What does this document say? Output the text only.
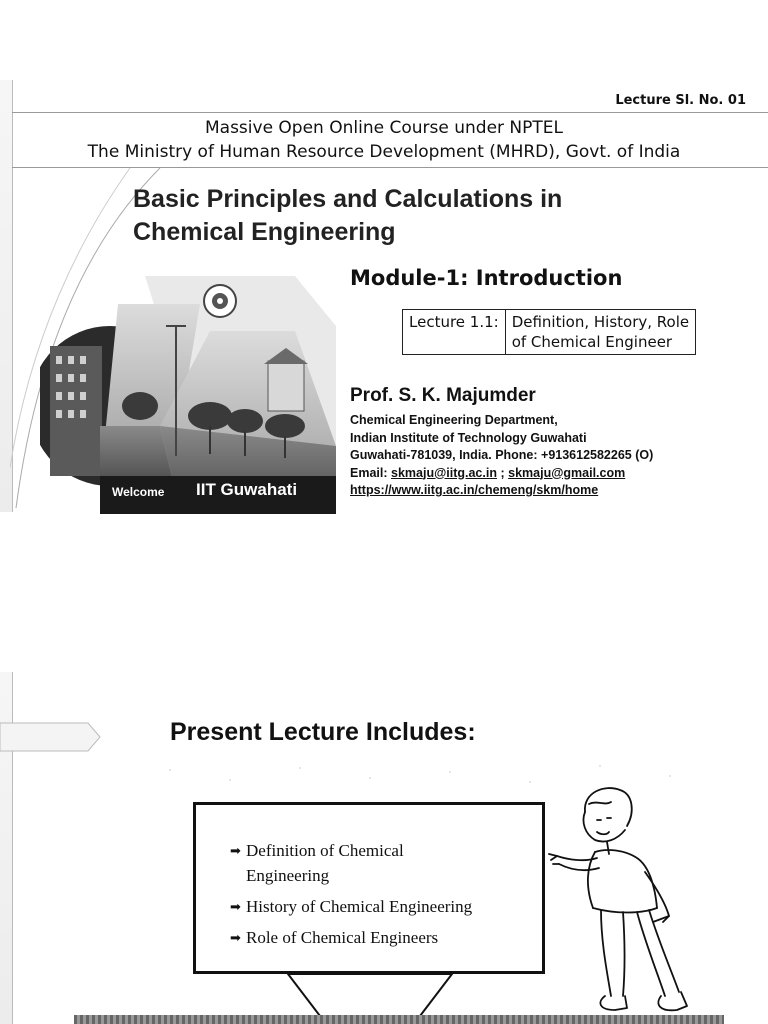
Lecture Sl. No. 01
Massive Open Online Course under NPTEL
The Ministry of Human Resource Development (MHRD), Govt. of India
Basic Principles and Calculations in
Chemical Engineering
Welcome IIT Guwahati
Module-1: Introduction
Lecture 1.1:	Definition, History, Role
of Chemical Engineer
Prof. S. K. Majumder
Chemical Engineering Department,
Indian Institute of Technology Guwahati
Guwahati-781039, India. Phone: +913612582265 (O)
Email: skmaju@iitg.ac.in ; skmaju@gmail.com
https://www.iitg.ac.in/chemeng/skm/home
Present Lecture Includes:
➡ Definition of Chemical
Engineering
➡ History of Chemical Engineering
➡ Role of Chemical Engineers
